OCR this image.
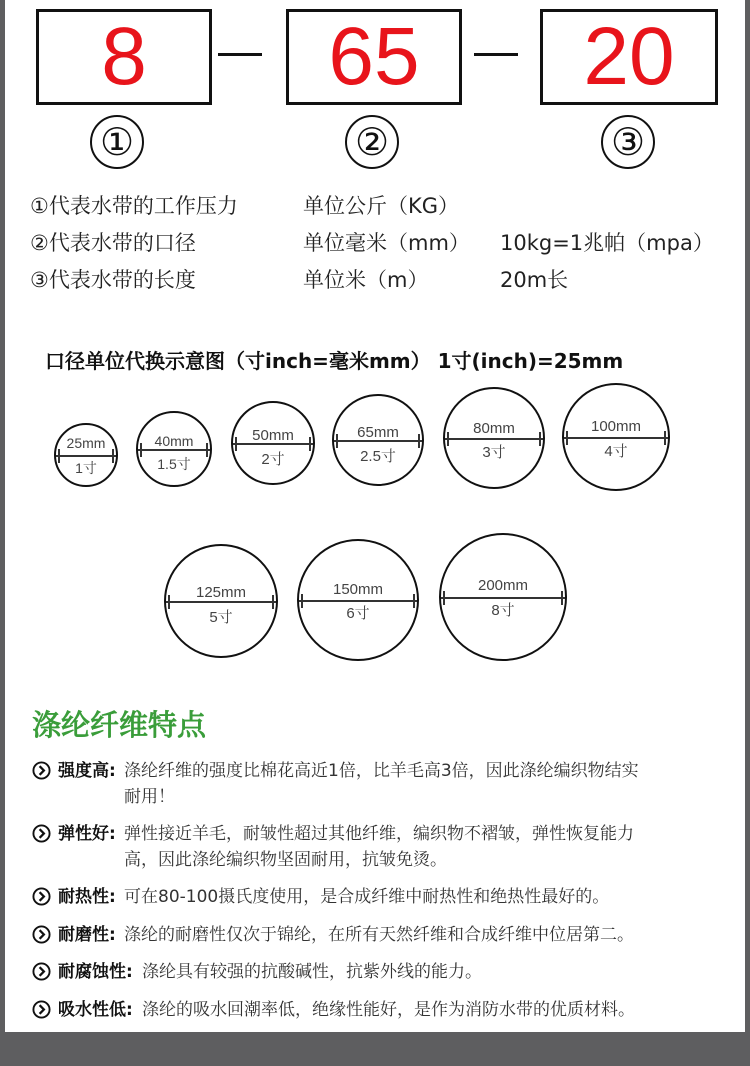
8	65	20
①	②	③
①代表水带的工作压力	单位公斤（KG）
②代表水带的口径	单位毫米（mm） 10kg=1兆帕（mpa）
③代表水带的长度	单位米（m）	20m长
口径单位代换示意图（寸inch=毫米mm） 1寸(inch)=25mm
25mm
1寸
40mm
1.5寸
50mm
2寸
65mm
2.5寸
80mm
3寸
100mm
4寸
125mm
5寸
150mm
6寸
200mm
8寸
涤纶纤维特点
强度高: 涤纶纤维的强度比棉花高近1倍，比羊毛高3倍，因此涤纶编织物结实
耐用！
弹性好: 弹性接近羊毛，耐皱性超过其他纤维，编织物不褶皱，弹性恢复能力
高，因此涤纶编织物坚固耐用，抗皱免烫。
耐热性: 可在80-100摄氏度使用，是合成纤维中耐热性和绝热性最好的。
耐磨性: 涤纶的耐磨性仅次于锦纶，在所有天然纤维和合成纤维中位居第二。
耐腐蚀性: 涤纶具有较强的抗酸碱性，抗紫外线的能力。
吸水性低: 涤纶的吸水回潮率低，绝缘性能好，是作为消防水带的优质材料。
